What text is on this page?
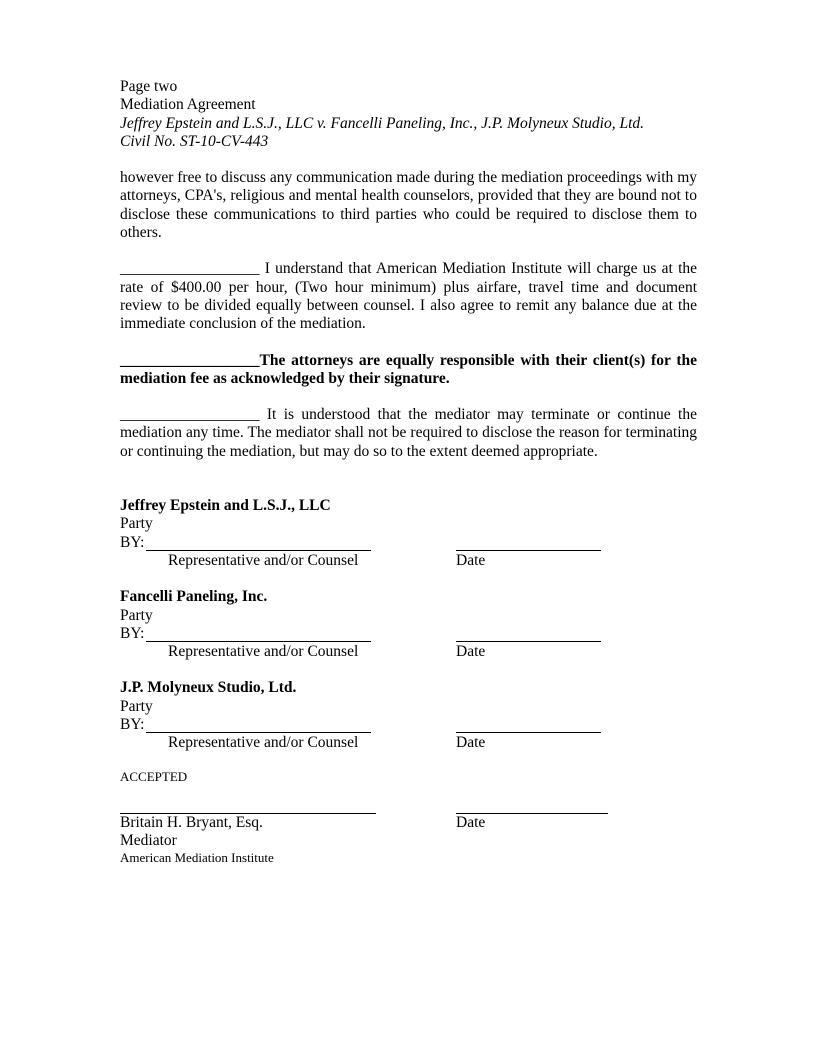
Page two
Mediation Agreement
Jeffrey Epstein and L.S.J., LLC v. Fancelli Paneling, Inc., J.P. Molyneux Studio, Ltd.
Civil No. ST-10-CV-443

however free to discuss any communication made during the mediation proceedings with my attorneys, CPA's, religious and mental health counselors, provided that they are bound not to disclose these communications to third parties who could be required to disclose them to others.

__________________ I understand that American Mediation Institute will charge us at the rate of $400.00 per hour, (Two hour minimum) plus airfare, travel time and document review to be divided equally between counsel. I also agree to remit any balance due at the immediate conclusion of the mediation.

__________________The attorneys are equally responsible with their client(s) for the mediation fee as acknowledged by their signature.

__________________ It is understood that the mediator may terminate or continue the mediation any time. The mediator shall not be required to disclose the reason for terminating or continuing the mediation, but may do so to the extent deemed appropriate.

Jeffrey Epstein and L.S.J., LLC
Party
BY:
Representative and/or Counsel	Date
Fancelli Paneling, Inc.
Party
BY:
Representative and/or Counsel	Date
J.P. Molyneux Studio, Ltd.
Party
BY:
Representative and/or Counsel	Date
ACCEPTED
Britain H. Bryant, Esq.	Date
Mediator
American Mediation Institute
